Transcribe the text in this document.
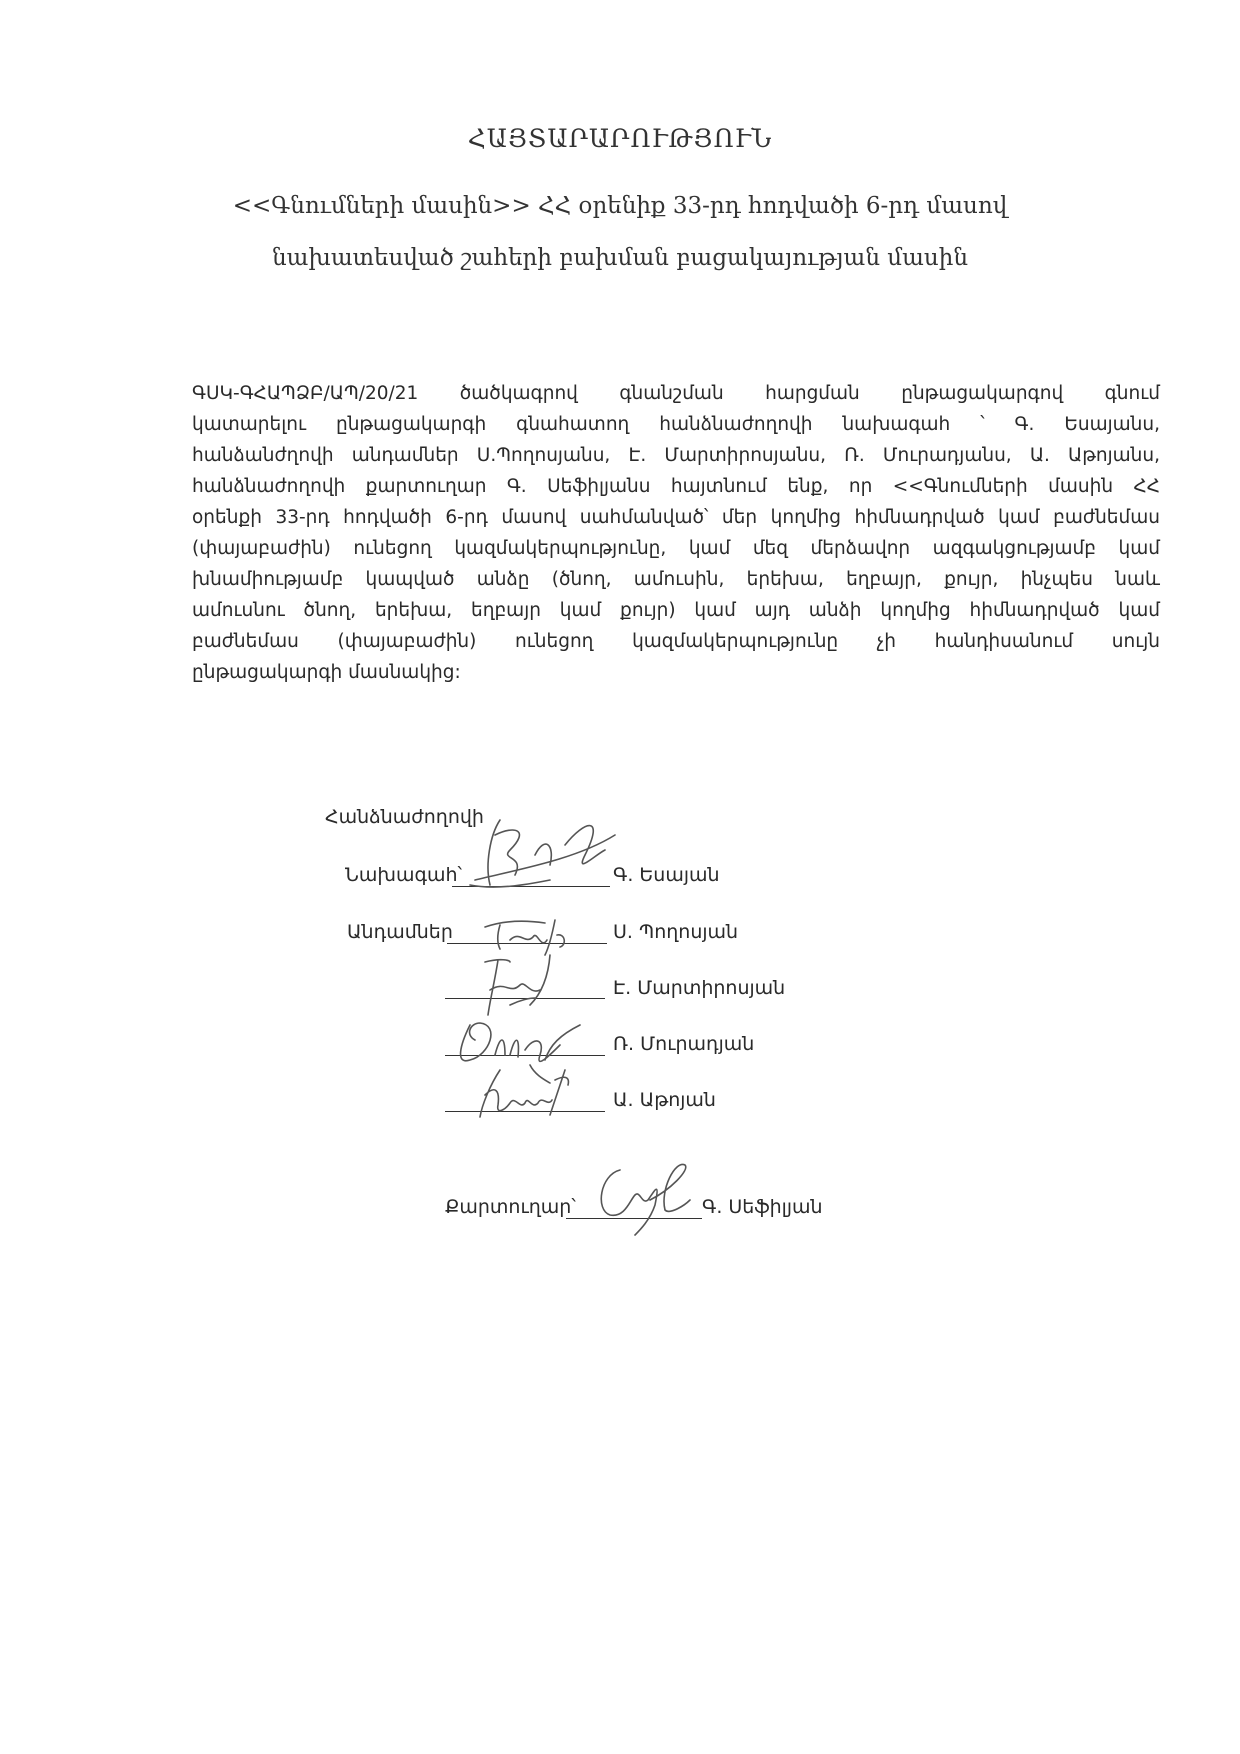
ՀԱՅՏԱՐԱՐՈՒԹՅՈՒՆ
<<Գնումների մասին>> ՀՀ օրենիք 33-րդ հոդվածի 6-րդ մասով
նախատեսված շահերի բախման բացակայության մասին
ԳՍԿ-ԳՀԱՊՁԲ/ԱՊ/20/21 ծածկագրով գնանշման հարցման ընթացակարգով գնում
կատարելու ընթացակարգի գնահատող հանձնաժողովի նախագահ ՝ Գ. Եսայանս,
հանձանժղովի անդամներ Ս.Պողոսյանս, Է. Մարտիրոսյանս, Ռ. Մուրադյանս, Ա. Աթոյանս,
հանձնաժողովի քարտուղար Գ. Սեֆիլյանս հայտնում ենք, որ <<Գնումների մասին ՀՀ
օրենքի 33-րդ հոդվածի 6-րդ մասով սահմանված՝ մեր կողմից հիմնադրված կամ բաժնեմաս
(փայաբաժին) ունեցող կազմակերպությունը, կամ մեզ մերձավոր ազգակցությամբ կամ
խնամիությամբ կապված անձը (ծնող, ամուսին, երեխա, եղբայր, քույր, ինչպես նաև
ամուսնու ծնող, երեխա, եղբայր կամ քույր) կամ այդ անձի կողմից հիմնադրված կամ
բաժնեմաս (փայաբաժին) ունեցող կազմակերպությունը չի հանդիսանում սույն
ընթացակարգի մասնակից:
Հանձնաժողովի
Նախագահ՝	Գ. Եսայան
Անդամներ	Ս. Պողոսյան
Է. Մարտիրոսյան
Ռ. Մուրադյան
Ա. Աթոյան
Քարտուղար՝	Գ. Սեֆիլյան
